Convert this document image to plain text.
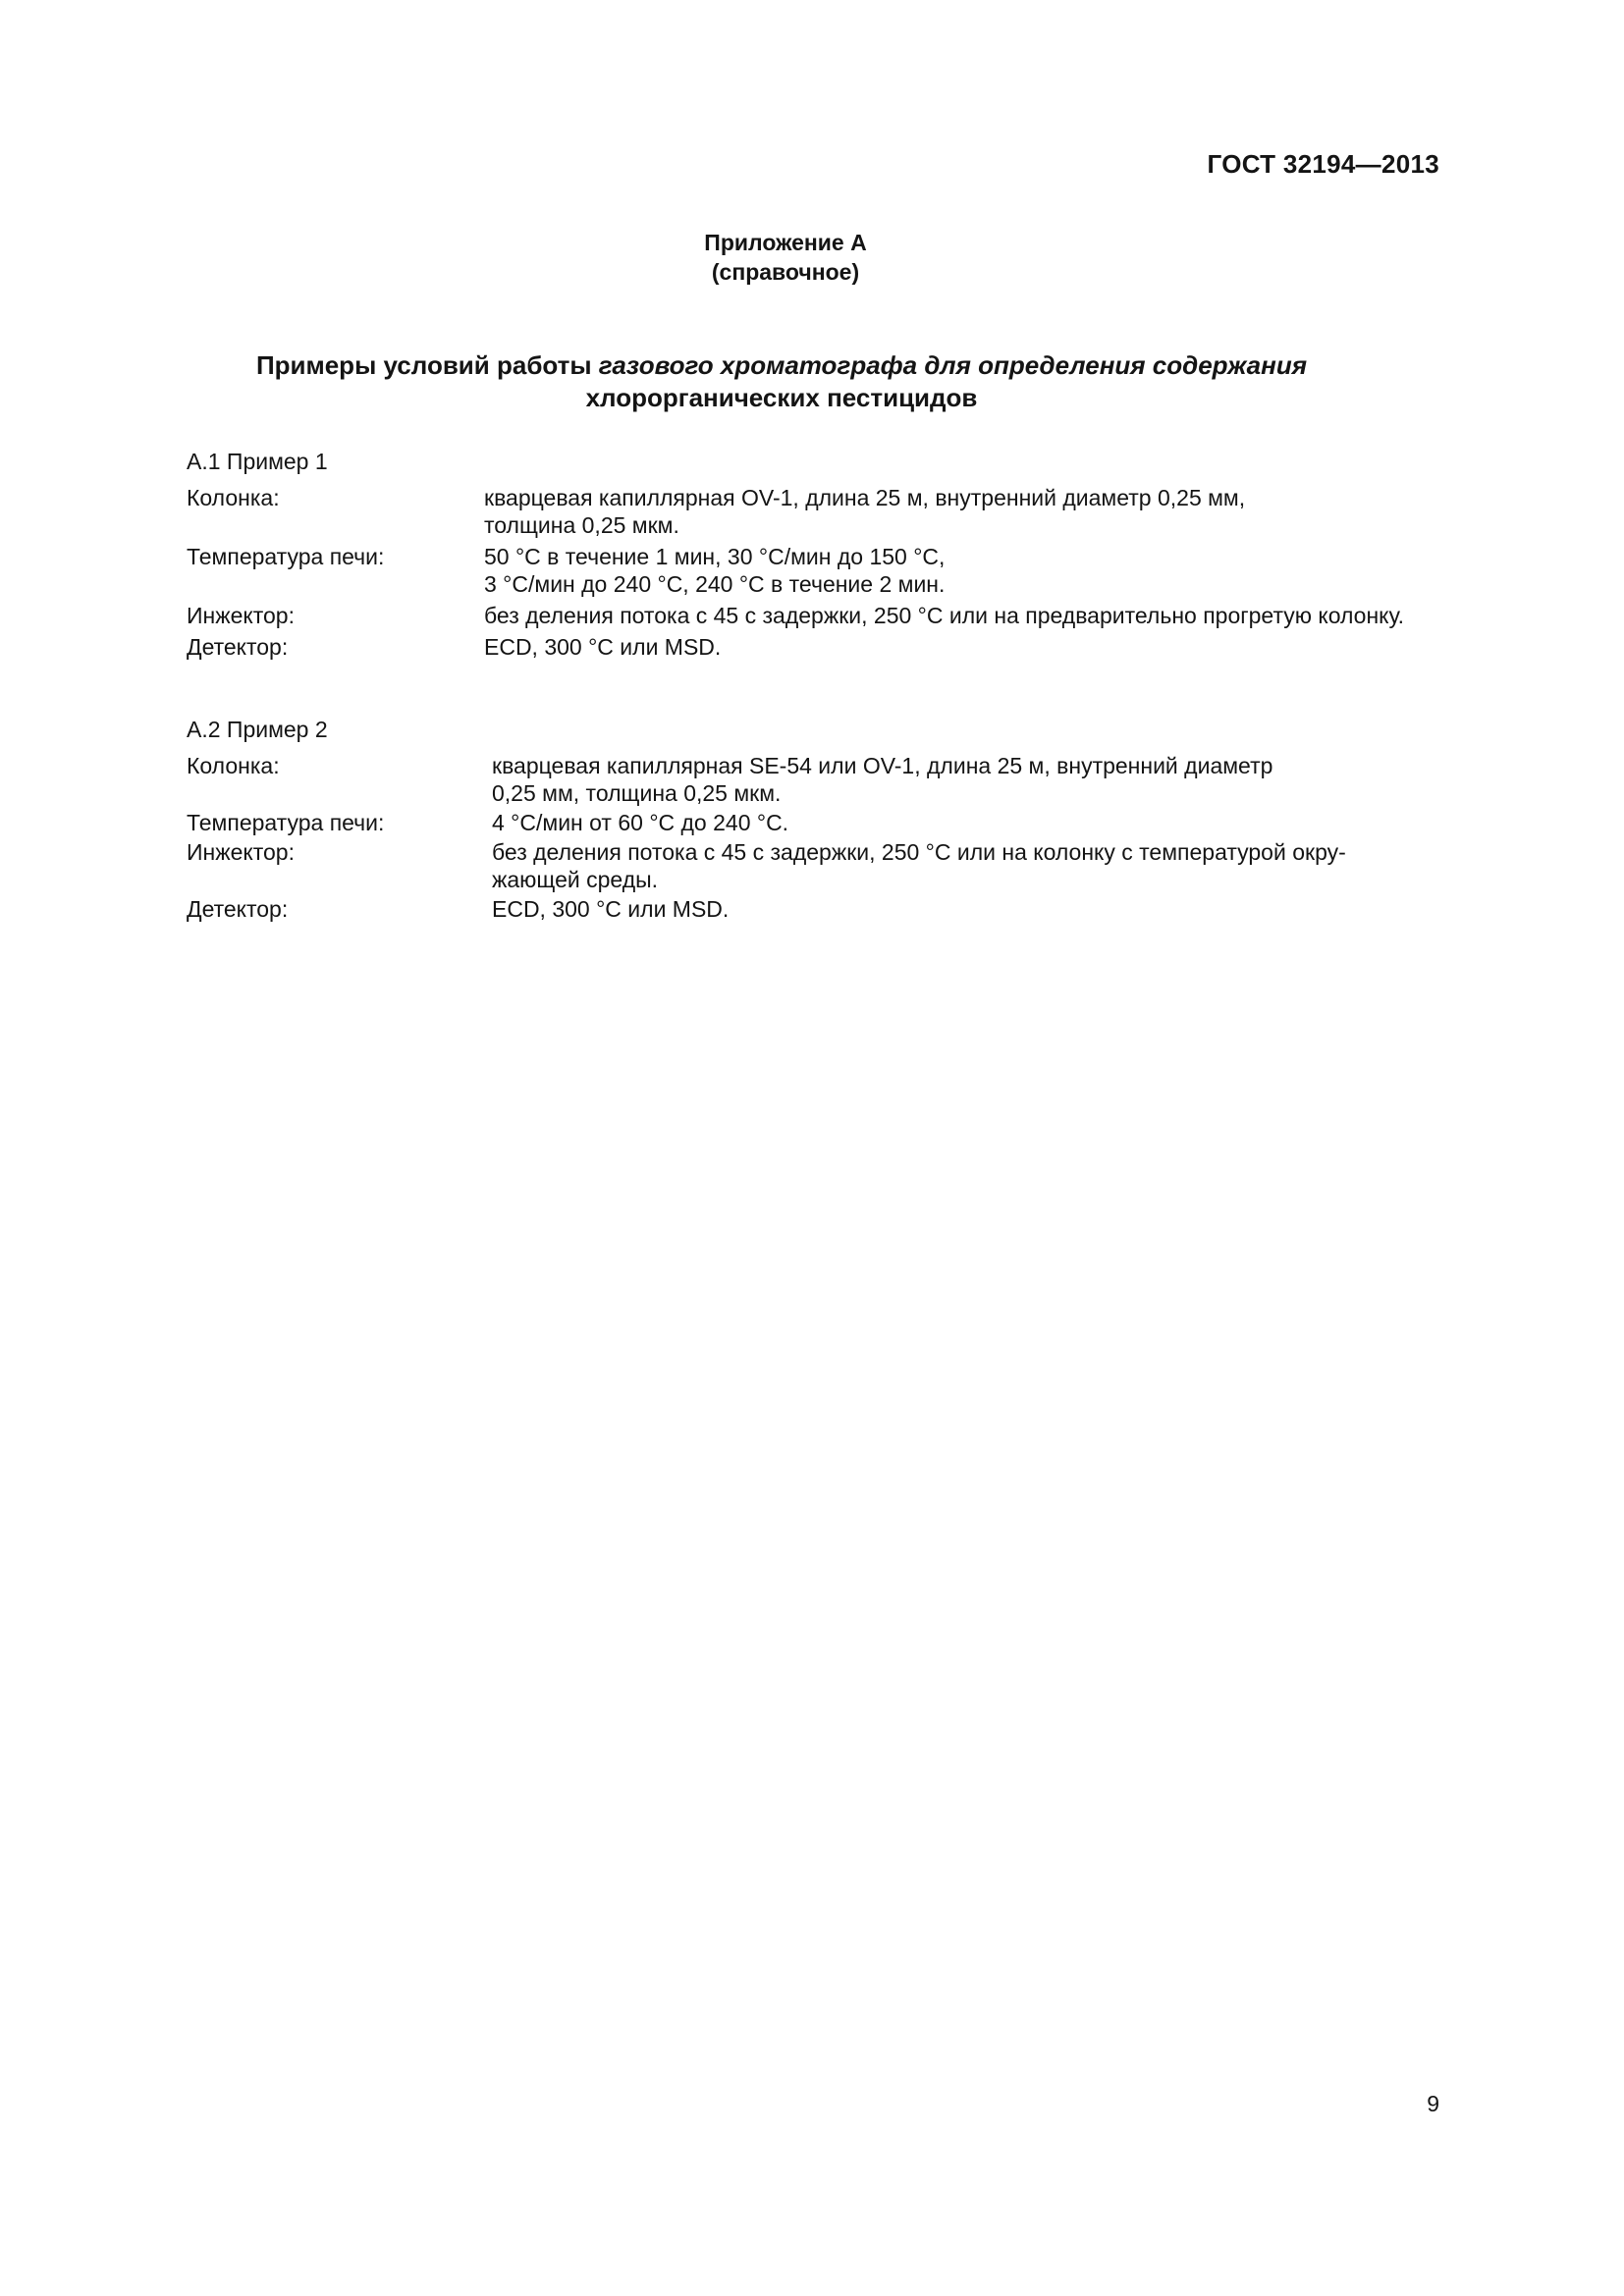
ГОСТ 32194—2013
Приложение А
(справочное)
Примеры условий работы газового хроматографа для определения содержания
хлорорганических пестицидов
А.1 Пример 1
Колонка:	кварцевая капиллярная OV-1, длина 25 м, внутренний диаметр 0,25 мм,
толщина 0,25 мкм.
Температура печи:	50 °С в течение 1 мин, 30 °С/мин до 150 °С,
3 °С/мин до 240 °С, 240 °С в течение 2 мин.
Инжектор:	без деления потока с 45 с задержки, 250 °С или на предварительно прогретую колонку.
Детектор:	ECD, 300 °С или MSD.
А.2 Пример 2
Колонка:	кварцевая капиллярная SE-54 или OV-1, длина 25 м, внутренний диаметр
0,25 мм, толщина 0,25 мкм.
Температура печи:	4 °С/мин от 60 °С до 240 °С.
Инжектор:	без деления потока с 45 с задержки, 250 °С или на колонку с температурой окру-
жающей среды.
Детектор:	ECD, 300 °С или MSD.
9
